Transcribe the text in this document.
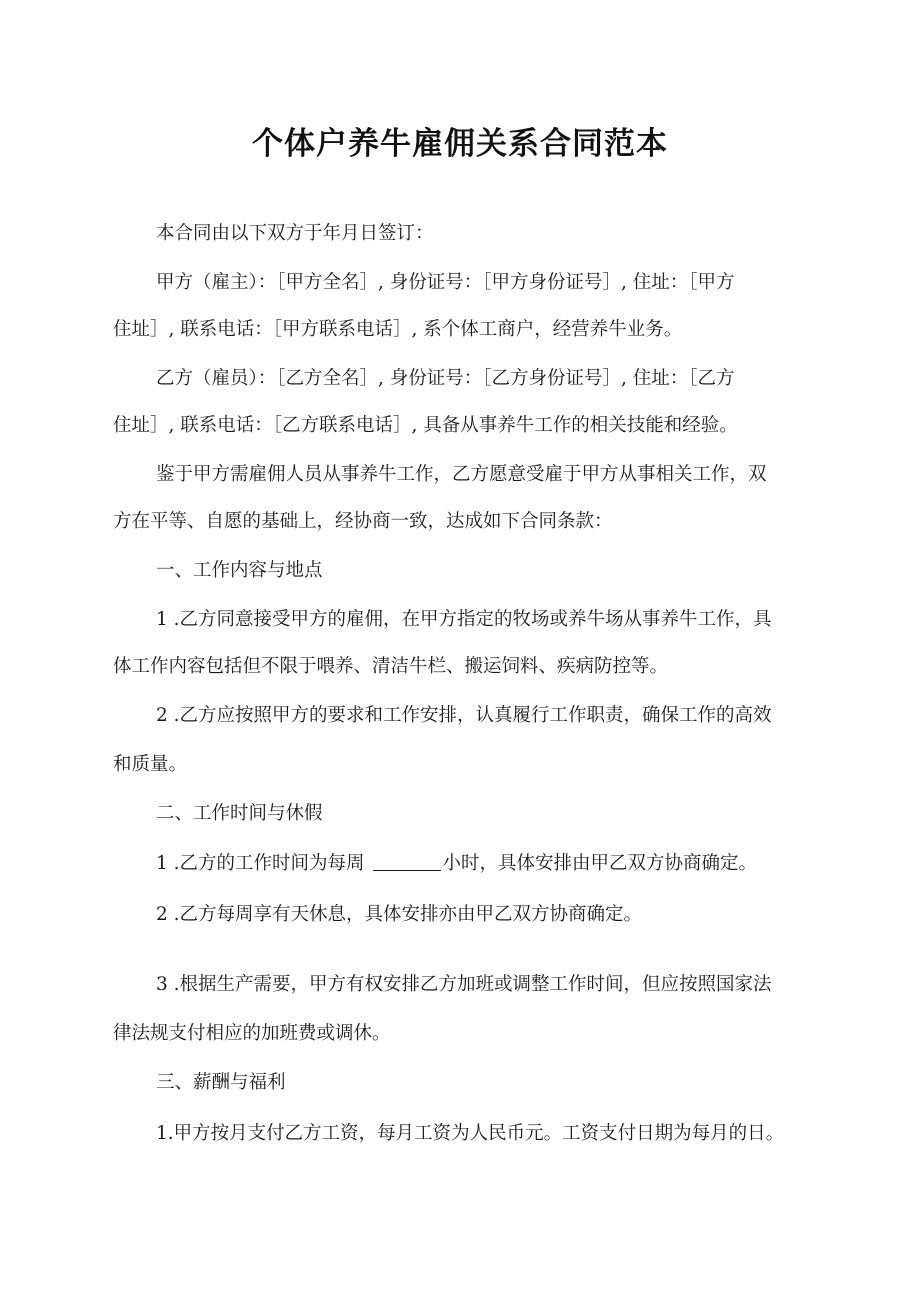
个体户养牛雇佣关系合同范本

本合同由以下双方于年月日签订：

甲方（雇主）：［甲方全名］, 身份证号：［甲方身份证号］, 住址：［甲方

住址］, 联系电话：［甲方联系电话］, 系个体工商户，经营养牛业务。

乙方（雇员）：［乙方全名］, 身份证号：［乙方身份证号］, 住址：［乙方

住址］, 联系电话：［乙方联系电话］, 具备从事养牛工作的相关技能和经验。

鉴于甲方需雇佣人员从事养牛工作，乙方愿意受雇于甲方从事相关工作，双

方在平等、自愿的基础上，经协商一致，达成如下合同条款：

一、工作内容与地点

1 .乙方同意接受甲方的雇佣，在甲方指定的牧场或养牛场从事养牛工作，具

体工作内容包括但不限于喂养、清洁牛栏、搬运饲料、疾病防控等。

2 .乙方应按照甲方的要求和工作安排，认真履行工作职责，确保工作的高效

和质量。

二、工作时间与休假

1 .乙方的工作时间为每周	小时，具体安排由甲乙双方协商确定。

2 .乙方每周享有天休息，具体安排亦由甲乙双方协商确定。

3 .根据生产需要，甲方有权安排乙方加班或调整工作时间，但应按照国家法

律法规支付相应的加班费或调休。

三、薪酬与福利

1.甲方按月支付乙方工资，每月工资为人民币元。工资支付日期为每月的日。
